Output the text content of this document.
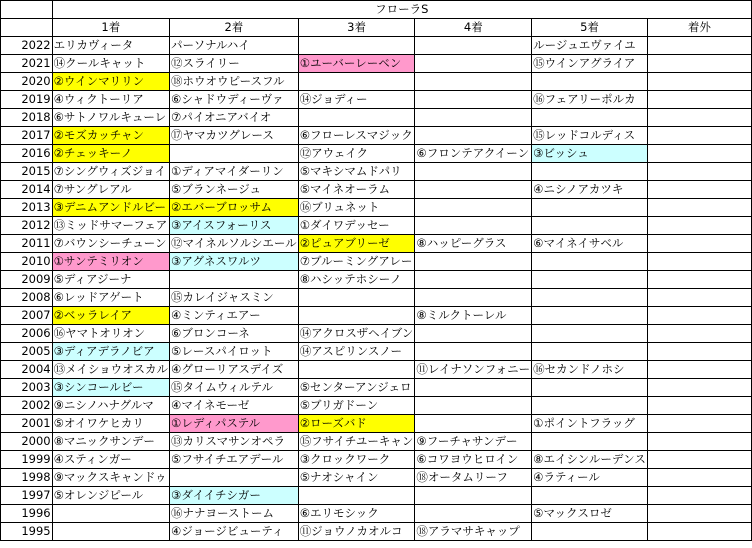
	フローラS					
	1着	2着	3着	4着	5着	着外
2022	エリカヴィータ	パーソナルハイ			ルージュエヴァイユ	
2021	⑭クールキャット	⑫スライリー	①ユーバーレーベン		⑮ウインアグライア	
2020	②ウインマリリン	⑱ホウオウピースフル				
2019	④ウィクトーリア	⑥シャドウディーヴァ	⑭ジョディー		⑯フェアリーポルカ	
2018	⑥サトノワルキューレ	⑦パイオニアバイオ				
2017	②モズカッチャン	⑰ヤマカツグレース	⑥フローレスマジック		⑮レッドコルディス	
2016	②チェッキーノ		⑫アウェイク	⑥フロンテアクイーン	③ビッシュ	
2015	⑦シングウィズジョイ	①ディアマイダーリン	⑤マキシマムドパリ			
2014	⑦サングレアル	⑤ブランネージュ	⑤マイネオーラム		④ニシノアカツキ	
2013	③デニムアンドルビー	②エバーブロッサム	⑯ブリュネット			
2012	⑬ミッドサマーフェア	③アイスフォーリス	①ダイワデッセー			
2011	⑦バウンシーチューン	⑫マイネルソルシエール	②ピュアブリーゼ	⑧ハッピーグラス	⑥マイネイサベル	
2010	①サンテミリオン	③アグネスワルツ	⑦ブルーミングアレー			
2009	⑤ディアジーナ		⑧ハシッテホシーノ			
2008	⑥レッドアゲート	⑮カレイジャスミン				
2007	②ベッラレイア	④ミンティエアー		⑧ミルクトーレル		
2006	⑯ヤマトオリオン	⑥ブロンコーネ	⑭アクロスザヘイブン			
2005	③ディアデラノビア	⑤レースパイロット	⑭アスピリンスノー			
2004	⑬メイショウオスカル	④グローリアスデイズ		⑪レイナソンフォニー	⑯セカンドノホシ	
2003	③シンコールビー	⑮タイムウィルテル	⑤センターアンジェロ			
2002	⑨ニシノハナグルマ	④マイネモーゼ	⑤ブリガドーン			
2001	⑤オイワケヒカリ	①レディパステル	②ローズバド		①ポイントフラッグ	
2000	⑧マニックサンデー	⑬カリスマサンオペラ	⑮フサイチユーキャン	⑨フーチャサンデー		
1999	④スティンガー	⑤フサイチエアデール	③クロックワーク	⑥コワヨウヒロイン	⑧エイシンルーデンス	
1998	⑨マックスキャンドゥ		⑤ナオシャイン	⑱オータムリーフ	④ラティール	
1997	⑤オレンジピール	③ダイイチシガー				
1996		⑯ナナヨーストーム	⑥エリモシック		⑤マックスロゼ	
1995		④ジョージビューティ	⑪ジョウノカオルコ	⑱アラマサキャップ		
